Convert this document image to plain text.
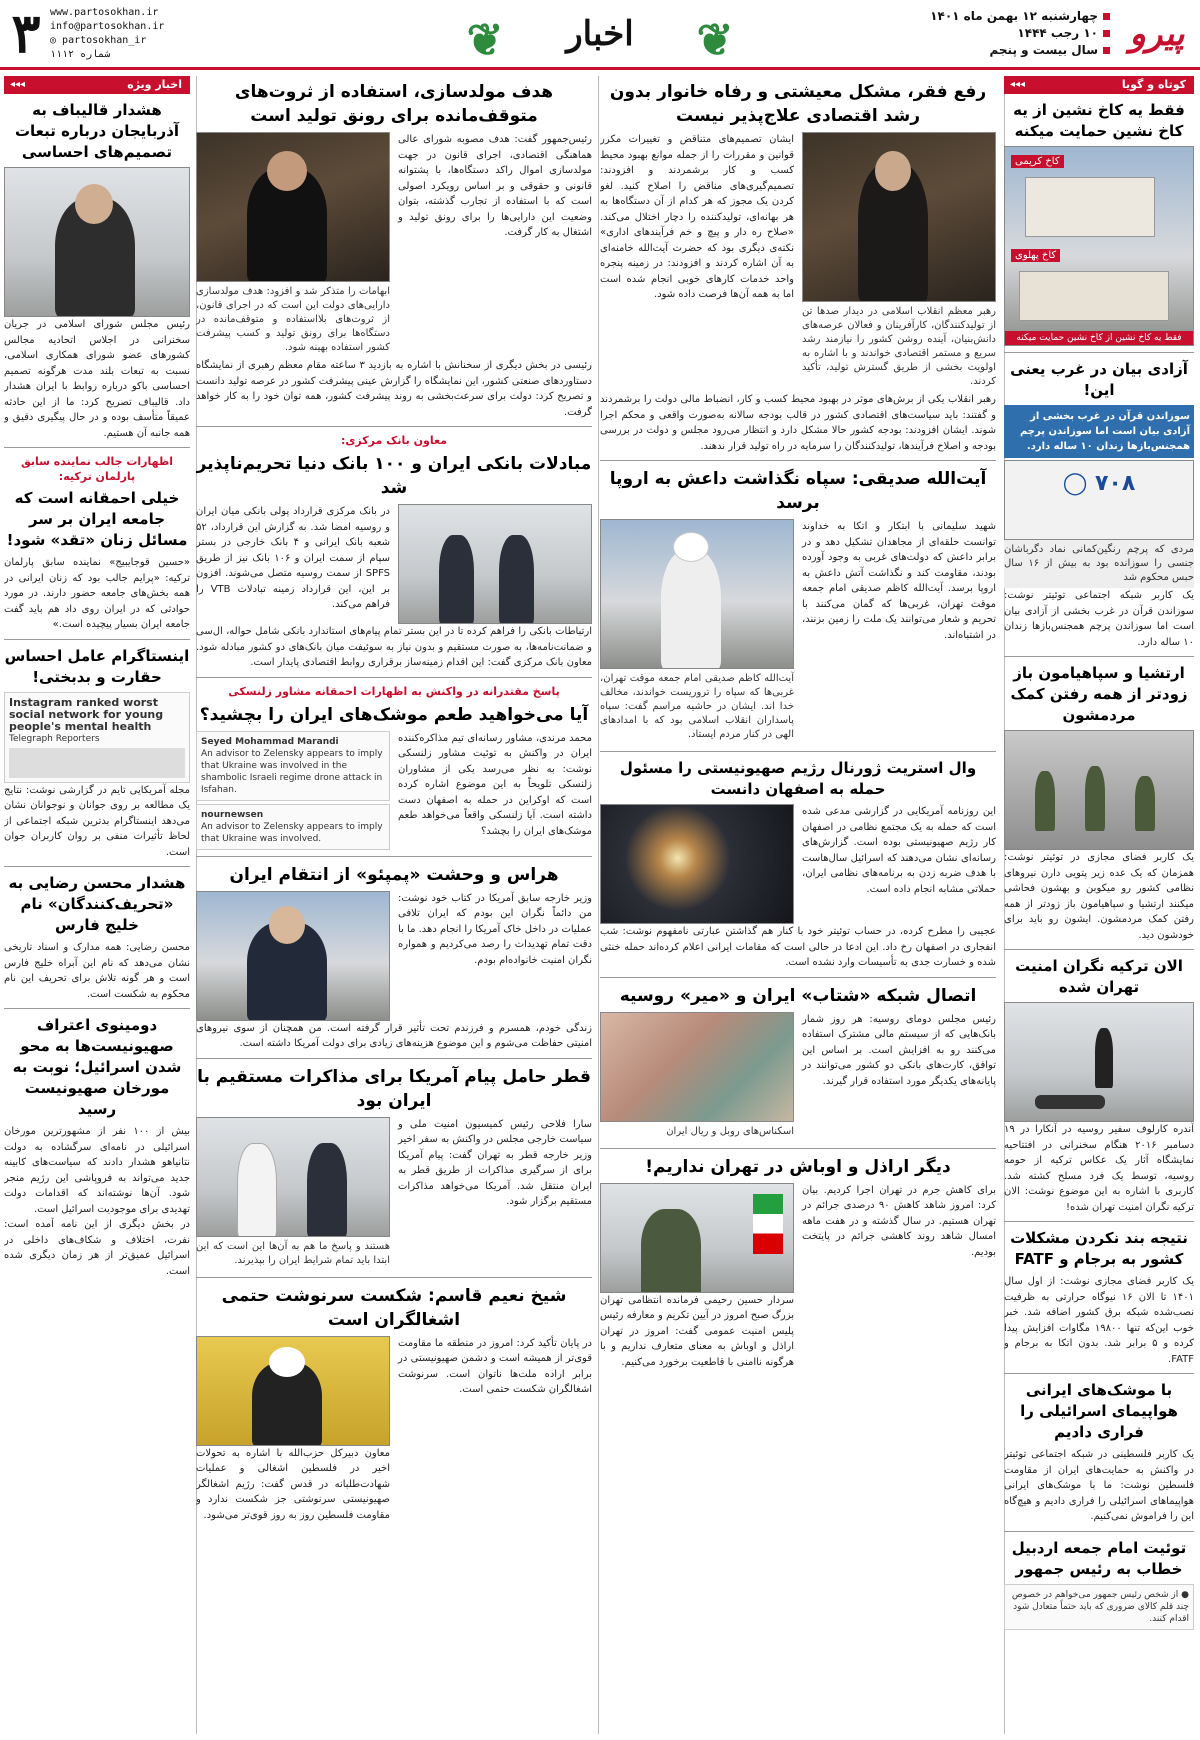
پیرو
چهارشنبه ۱۲ بهمن ماه ۱۴۰۱
۱۰ رجب ۱۴۴۴
سال بیست و پنجم
❦
اخبار
❦
www.partosokhan.ir
info@partosokhan.ir
◎ partosokhan_ir
شماره ۱۱۱۲
۳
کوتاه و گویا ◂◂◂
فقط یه کاخ نشین از یه کاخ نشین حمایت میکنه
کاخ کریمی
کاخ پهلوی
فقط یه کاخ نشین از کاخ نشین حمایت میکنه
آزادی بیان در غرب یعنی این!
سوزاندن قرآن در غرب بخشی از آزادی بیان است اما سوزاندن پرچم همجنس‌بازها زندان ۱۰ ساله دارد.
◯ ۷۰۸
مردی که پرچم رنگین‌کمانی نماد دگرباشان جنسی را سوزانده بود به بیش از ۱۶ سال حبس محکوم شد

یک کاربر شبکه اجتماعی توئیتر نوشت: سوزاندن قرآن در غرب بخشی از آزادی بیان است اما سوزاندن پرچم همجنس‌بازها زندان ۱۰ ساله دارد.

ارتشیا و سپاهیامون باز زودتر از همه رفتن کمک مردمشون

یک کاربر فضای مجازی در توئیتر نوشت: همزمان که یک عده زیر پتویی دارن نیروهای نظامی کشور رو میکوبن و بهشون فحاشی میکنند ارتشیا و سپاهیامون باز زودتر از همه رفتن کمک مردمشون. ایشون رو باید برای خودشون دید.

الان ترکیه نگران امنیت تهران شده

آندره کارلوف سفیر روسیه در آنکارا در ۱۹ دسامبر ۲۰۱۶ هنگام سخنرانی در افتتاحیه نمایشگاه آثار یک عکاس ترکیه از حومه روسیه، توسط یک فرد مسلح کشته شد. کاربری با اشاره به این موضوع نوشت: الان ترکیه نگران امنیت تهران شده!

نتیجه بند نکردن مشکلات کشور به برجام و FATF

یک کاربر فضای مجازی نوشت: از اول سال ۱۴۰۱ تا الان ۱۶ نیوگاه حرارتی به ظرفیت نصب‌شده شبکه برق کشور اضافه شد. خبر خوب این‌که تنها ۱۹۸۰۰ مگاوات افزایش پیدا کرده و ۵ برابر شد. بدون اتکا به برجام و FATF.

با موشک‌های ایرانی هواپیمای اسرائیلی را فراری دادیم

یک کاربر فلسطینی در شبکه اجتماعی توئیتر در واکنش به حمایت‌های ایران از مقاومت فلسطین نوشت: ما با موشک‌های ایرانی هواپیماهای اسرائیلی را فراری دادیم و هیچ‌گاه این را فراموش نمی‌کنیم.

توئیت امام جمعه اردبیل خطاب به رئیس جمهور
● از شخص رئیس جمهور می‌خواهم در خصوص چند قلم کالای ضروری که باید حتماً متعادل شود اقدام کنند.
رفع فقر، مشکل معیشتی و رفاه خانوار بدون رشد اقتصادی علاج‌پذیر نیست

رهبر معظم انقلاب اسلامی در دیدار صدها تن از تولیدکنندگان، کارآفرینان و فعالان عرصه‌های دانش‌بنیان، آینده روشن کشور را نیازمند رشد سریع و مستمر اقتصادی خواندند و با اشاره به اولویت بخشی از طریق گسترش تولید، تأکید کردند.

ایشان تصمیم‌های متناقض و تغییرات مکرر قوانین و مقررات را از جمله موانع بهبود محیط کسب و کار برشمردند و افزودند: تصمیم‌گیری‌های مناقض را اصلاح کنید. لغو کردن یک مجوز که هر کدام از آن دستگاه‌ها به هر بهانه‌ای، تولیدکننده را دچار اختلال می‌کند. «صلاح ره دار و پیچ و خم فرآیندهای اداری» نکته‌ی دیگری بود که حضرت آیت‌الله خامنه‌ای به آن اشاره کردند و افزودند: در زمینه پنجره واحد خدمات کارهای خوبی انجام شده است اما به همه آن‌ها فرصت داده شود.

رهبر انقلاب یکی از برش‌های موثر در بهبود محیط کسب و کار، انضباط مالی دولت را برشمردند و گفتند: باید سیاست‌های اقتصادی کشور در قالب بودجه سالانه به‌صورت واقعی و محکم اجرا شوند. ایشان افزودند: بودجه کشور حالا مشکل دارد و انتظار می‌رود مجلس و دولت در بررسی بودجه و اصلاح فرآیندها، تولیدکنندگان را سرمایه در راه تولید قرار ندهند.

آیت‌الله صدیقی: سپاه نگذاشت داعش به اروپا برسد

شهید سلیمانی با ابتکار و اتکا به خداوند توانست حلقه‌ای از مجاهدان تشکیل دهد و در برابر داعش که دولت‌های غربی به وجود آورده بودند، مقاومت کند و نگذاشت آتش داعش به اروپا برسد. آیت‌الله کاظم صدیقی امام جمعه موقت تهران، غربی‌ها که گمان می‌کنند با تحریم و شعار می‌توانند یک ملت را زمین بزنند، در اشتباه‌اند.

آیت‌الله کاظم صدیقی امام جمعه موقت تهران، غربی‌ها که سپاه را تروریست خواندند، مخالف خدا اند. ایشان در حاشیه مراسم گفت: سپاه پاسداران انقلاب اسلامی بود که با امدادهای الهی در کنار مردم ایستاد.

وال استریت ژورنال رژیم صهیونیستی را مسئول حمله به اصفهان دانست

این روزنامه آمریکایی در گزارشی مدعی شده است که حمله به یک مجتمع نظامی در اصفهان کار رژیم صهیونیستی بوده است. گزارش‌های رسانه‌ای نشان می‌دهند که اسرائیل سال‌هاست با هدف ضربه زدن به برنامه‌های نظامی ایران، حملاتی مشابه انجام داده است.

عجیبی را مطرح کرده، در حساب توئیتر خود با کنار هم گذاشتن عبارتی نامفهوم نوشت: شب انفجاری در اصفهان رخ داد. این ادعا در حالی است که مقامات ایرانی اعلام کرده‌اند حمله خنثی شده و خسارت جدی به تأسیسات وارد نشده است.

اتصال شبکه «شتاب» ایران و «میر» روسیه

رئیس مجلس دومای روسیه: هر روز شمار بانک‌هایی که از سیستم مالی مشترک استفاده می‌کنند رو به افزایش است. بر اساس این توافق، کارت‌های بانکی دو کشور می‌توانند در پایانه‌های یکدیگر مورد استفاده قرار گیرند.

اسکناس‌های روبل و ریال ایران

دیگر اراذل و اوباش در تهران نداریم!

برای کاهش جرم در تهران اجرا کردیم. بیان کرد: امروز شاهد کاهش ۹۰ درصدی جرائم در تهران هستیم. در سال گذشته و در هفت ماهه امسال شاهد روند کاهشی جرائم در پایتخت بودیم.

سردار حسین رحیمی فرمانده انتظامی تهران بزرگ صبح امروز در آیین تکریم و معارفه رئیس پلیس امنیت عمومی گفت: امروز در تهران اراذل و اوباش به معنای متعارف نداریم و با هرگونه ناامنی با قاطعیت برخورد می‌کنیم.

هدف مولدسازی، استفاده از ثروت‌های متوقف‌مانده برای رونق تولید است

رئیس‌جمهور گفت: هدف مصوبه شورای عالی هماهنگی اقتصادی، اجرای قانون در جهت مولدسازی اموال راکد دستگاه‌ها، با پشتوانه قانونی و حقوقی و بر اساس رویکرد اصولی است که با استفاده از تجارب گذشته، بتوان وضعیت این دارایی‌ها را برای رونق تولید و اشتغال به کار گرفت.

ابهامات را متذکر شد و افزود: هدف مولدسازی دارایی‌های دولت این است که در اجرای قانون، از ثروت‌های بلااستفاده و متوقف‌مانده در دستگاه‌ها برای رونق تولید و کسب پیشرفت کشور استفاده بهینه شود.

رئیسی در بخش دیگری از سخنانش با اشاره به بازدید ۳ ساعته مقام معظم رهبری از نمایشگاه دستاوردهای صنعتی کشور، این نمایشگاه را گزارش عینی پیشرفت کشور در عرصه تولید دانست و تصریح کرد: دولت برای سرعت‌بخشی به روند پیشرفت کشور، همه توان خود را به کار خواهد گرفت.

معاون بانک مرکزی:
مبادلات بانکی ایران و ۱۰۰ بانک دنیا تحریم‌ناپذیر شد

در بانک مرکزی قرارداد پولی بانکی میان ایران و روسیه امضا شد. به گزارش این قرارداد، ۵۲ شعبه بانک ایرانی و ۴ بانک خارجی در بستر سپام از سمت ایران و ۱۰۶ بانک نیز از طریق SPFS از سمت روسیه متصل می‌شوند. افزون بر این، این قرارداد زمینه تبادلات VTB را فراهم می‌کند.

ارتباطات بانکی را فراهم کرده تا در این بستر تمام پیام‌های استاندارد بانکی شامل حواله، ال‌سی و ضمانت‌نامه‌ها، به صورت مستقیم و بدون نیاز به سوئیفت میان بانک‌های دو کشور مبادله شود. معاون بانک مرکزی گفت: این اقدام زمینه‌ساز برقراری روابط اقتصادی پایدار است.

پاسخ مقتدرانه در واکنش به اظهارات احمقانه مشاور زلنسکی
آیا می‌خواهید طعم موشک‌های ایران را بچشید؟

محمد مرندی، مشاور رسانه‌ای تیم مذاکره‌کننده ایران در واکنش به توئیت مشاور زلنسکی نوشت: به نظر می‌رسد یکی از مشاوران زلنسکی تلویحاً به این موضوع اشاره کرده است که اوکراین در حمله به اصفهان دست داشته است. آیا زلنسکی واقعاً می‌خواهد طعم موشک‌های ایران را بچشد؟

Seyed Mohammad Marandi
An advisor to Zelensky appears to imply that Ukraine was involved in the shambolic Israeli regime drone attack in Isfahan.
nournewsen
An advisor to Zelensky appears to imply that Ukraine was involved.
هراس و وحشت «پمپئو» از انتقام ایران

وزیر خارجه سابق آمریکا در کتاب خود نوشت: من دائماً نگران این بودم که ایران تلافی عملیات در داخل خاک آمریکا را انجام دهد. ما با دقت تمام تهدیدات را رصد می‌کردیم و همواره نگران امنیت خانواده‌ام بودم.

زندگی خودم، همسرم و فرزندم تحت تأثیر قرار گرفته است. من همچنان از سوی نیروهای امنیتی حفاظت می‌شوم و این موضوع هزینه‌های زیادی برای دولت آمریکا داشته است.

قطر حامل پیام آمریکا برای مذاکرات مستقیم با ایران بود

سارا فلاحی رئیس کمیسیون امنیت ملی و سیاست خارجی مجلس در واکنش به سفر اخیر وزیر خارجه قطر به تهران گفت: پیام آمریکا برای از سرگیری مذاکرات از طریق قطر به ایران منتقل شد. آمریکا می‌خواهد مذاکرات مستقیم برگزار شود.

هستند و پاسخ ما هم به آن‌ها این است که این ابتدا باید تمام شرایط ایران را بپذیرند.

شیخ نعیم قاسم: شکست سرنوشت حتمی اشغالگران است

در پایان تأکید کرد: امروز در منطقه ما مقاومت قوی‌تر از همیشه است و دشمن صهیونیستی در برابر اراده ملت‌ها ناتوان است. سرنوشت اشغالگران شکست حتمی است.

معاون دبیرکل حزب‌الله با اشاره به تحولات اخیر در فلسطین اشغالی و عملیات شهادت‌طلبانه در قدس گفت: رژیم اشغالگر صهیونیستی سرنوشتی جز شکست ندارد و مقاومت فلسطین روز به روز قوی‌تر می‌شود.

اخبار ویژه ◂◂◂
هشدار قالیباف به آذربایجان درباره تبعات تصمیم‌های احساسی

رئیس مجلس شورای اسلامی در جریان سخنرانی در اجلاس اتحادیه مجالس کشورهای عضو شورای همکاری اسلامی، نسبت به تبعات بلند مدت هرگونه تصمیم احساسی باکو درباره روابط با ایران هشدار داد. قالیباف تصریح کرد: ما از این حادثه عمیقاً متأسف بوده و در حال پیگیری دقیق و همه جانبه آن هستیم.

اظهارات جالب نماینده سابق پارلمان ترکیه:
خیلی احمقانه است که جامعه ایران بر سر مسائل زنان «تقد» شود!

«حسین قوجایبیج» نماینده سابق پارلمان ترکیه: «پرایم جالب بود که زنان ایرانی در همه بخش‌های جامعه حضور دارند. در مورد حوادثی که در ایران روی داد هم باید گفت جامعه ایران بسیار پیچیده است.»

اینستاگرام عامل احساس حقارت و بدبختی!
Instagram ranked worst social network for young people's mental health
Telegraph Reporters

مجله آمریکایی تایم در گزارشی نوشت: نتایج یک مطالعه بر روی جوانان و نوجوانان نشان می‌دهد اینستاگرام بدترین شبکه اجتماعی از لحاظ تأثیرات منفی بر روان کاربران جوان است.

هشدار محسن رضایی به «تحریف‌کنندگان» نام خلیج فارس

محسن رضایی: همه مدارک و اسناد تاریخی نشان می‌دهد که نام این آبراه خلیج فارس است و هر گونه تلاش برای تحریف این نام محکوم به شکست است.

دومینوی اعتراف صهیونیست‌ها به محو شدن اسرائیل؛ نوبت به مورخان صهیونیست رسید

بیش از ۱۰۰ نفر از مشهورترین مورخان اسرائیلی در نامه‌ای سرگشاده به دولت نتانیاهو هشدار دادند که سیاست‌های کابینه جدید می‌تواند به فروپاشی این رژیم منجر شود. آن‌ها نوشته‌اند که اقدامات دولت تهدیدی برای موجودیت اسرائیل است.

در بخش دیگری از این نامه آمده است: نفرت، اختلاف و شکاف‌های داخلی در اسرائیل عمیق‌تر از هر زمان دیگری شده است.
